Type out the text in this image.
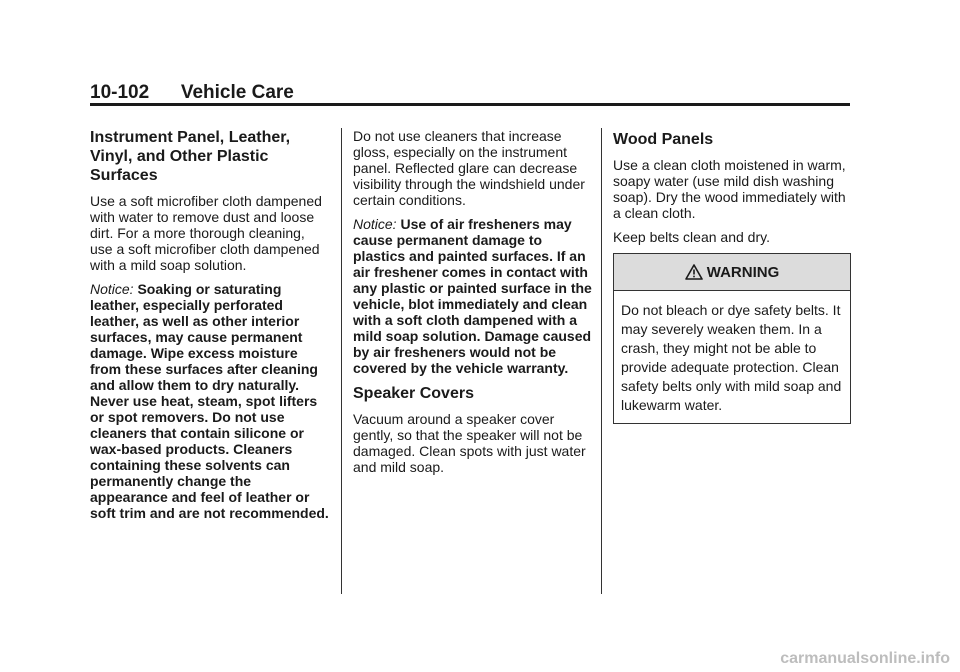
10-102 Vehicle Care
Instrument Panel, Leather, Vinyl, and Other Plastic Surfaces

Use a soft microfiber cloth dampened with water to remove dust and loose dirt. For a more thorough cleaning, use a soft microfiber cloth dampened with a mild soap solution.

Notice: Soaking or saturating leather, especially perforated leather, as well as other interior surfaces, may cause permanent damage. Wipe excess moisture from these surfaces after cleaning and allow them to dry naturally. Never use heat, steam, spot lifters or spot removers. Do not use cleaners that contain silicone or wax-based products. Cleaners containing these solvents can permanently change the appearance and feel of leather or soft trim and are not recommended.

Do not use cleaners that increase gloss, especially on the instrument panel. Reflected glare can decrease visibility through the windshield under certain conditions.

Notice: Use of air fresheners may cause permanent damage to plastics and painted surfaces. If an air freshener comes in contact with any plastic or painted surface in the vehicle, blot immediately and clean with a soft cloth dampened with a mild soap solution. Damage caused by air fresheners would not be covered by the vehicle warranty.

Speaker Covers

Vacuum around a speaker cover gently, so that the speaker will not be damaged. Clean spots with just water and mild soap.

Wood Panels

Use a clean cloth moistened in warm, soapy water (use mild dish washing soap). Dry the wood immediately with a clean cloth.

Keep belts clean and dry.

WARNING
Do not bleach or dye safety belts. It may severely weaken them. In a crash, they might not be able to provide adequate protection. Clean safety belts only with mild soap and lukewarm water.
carmanualsonline.info
